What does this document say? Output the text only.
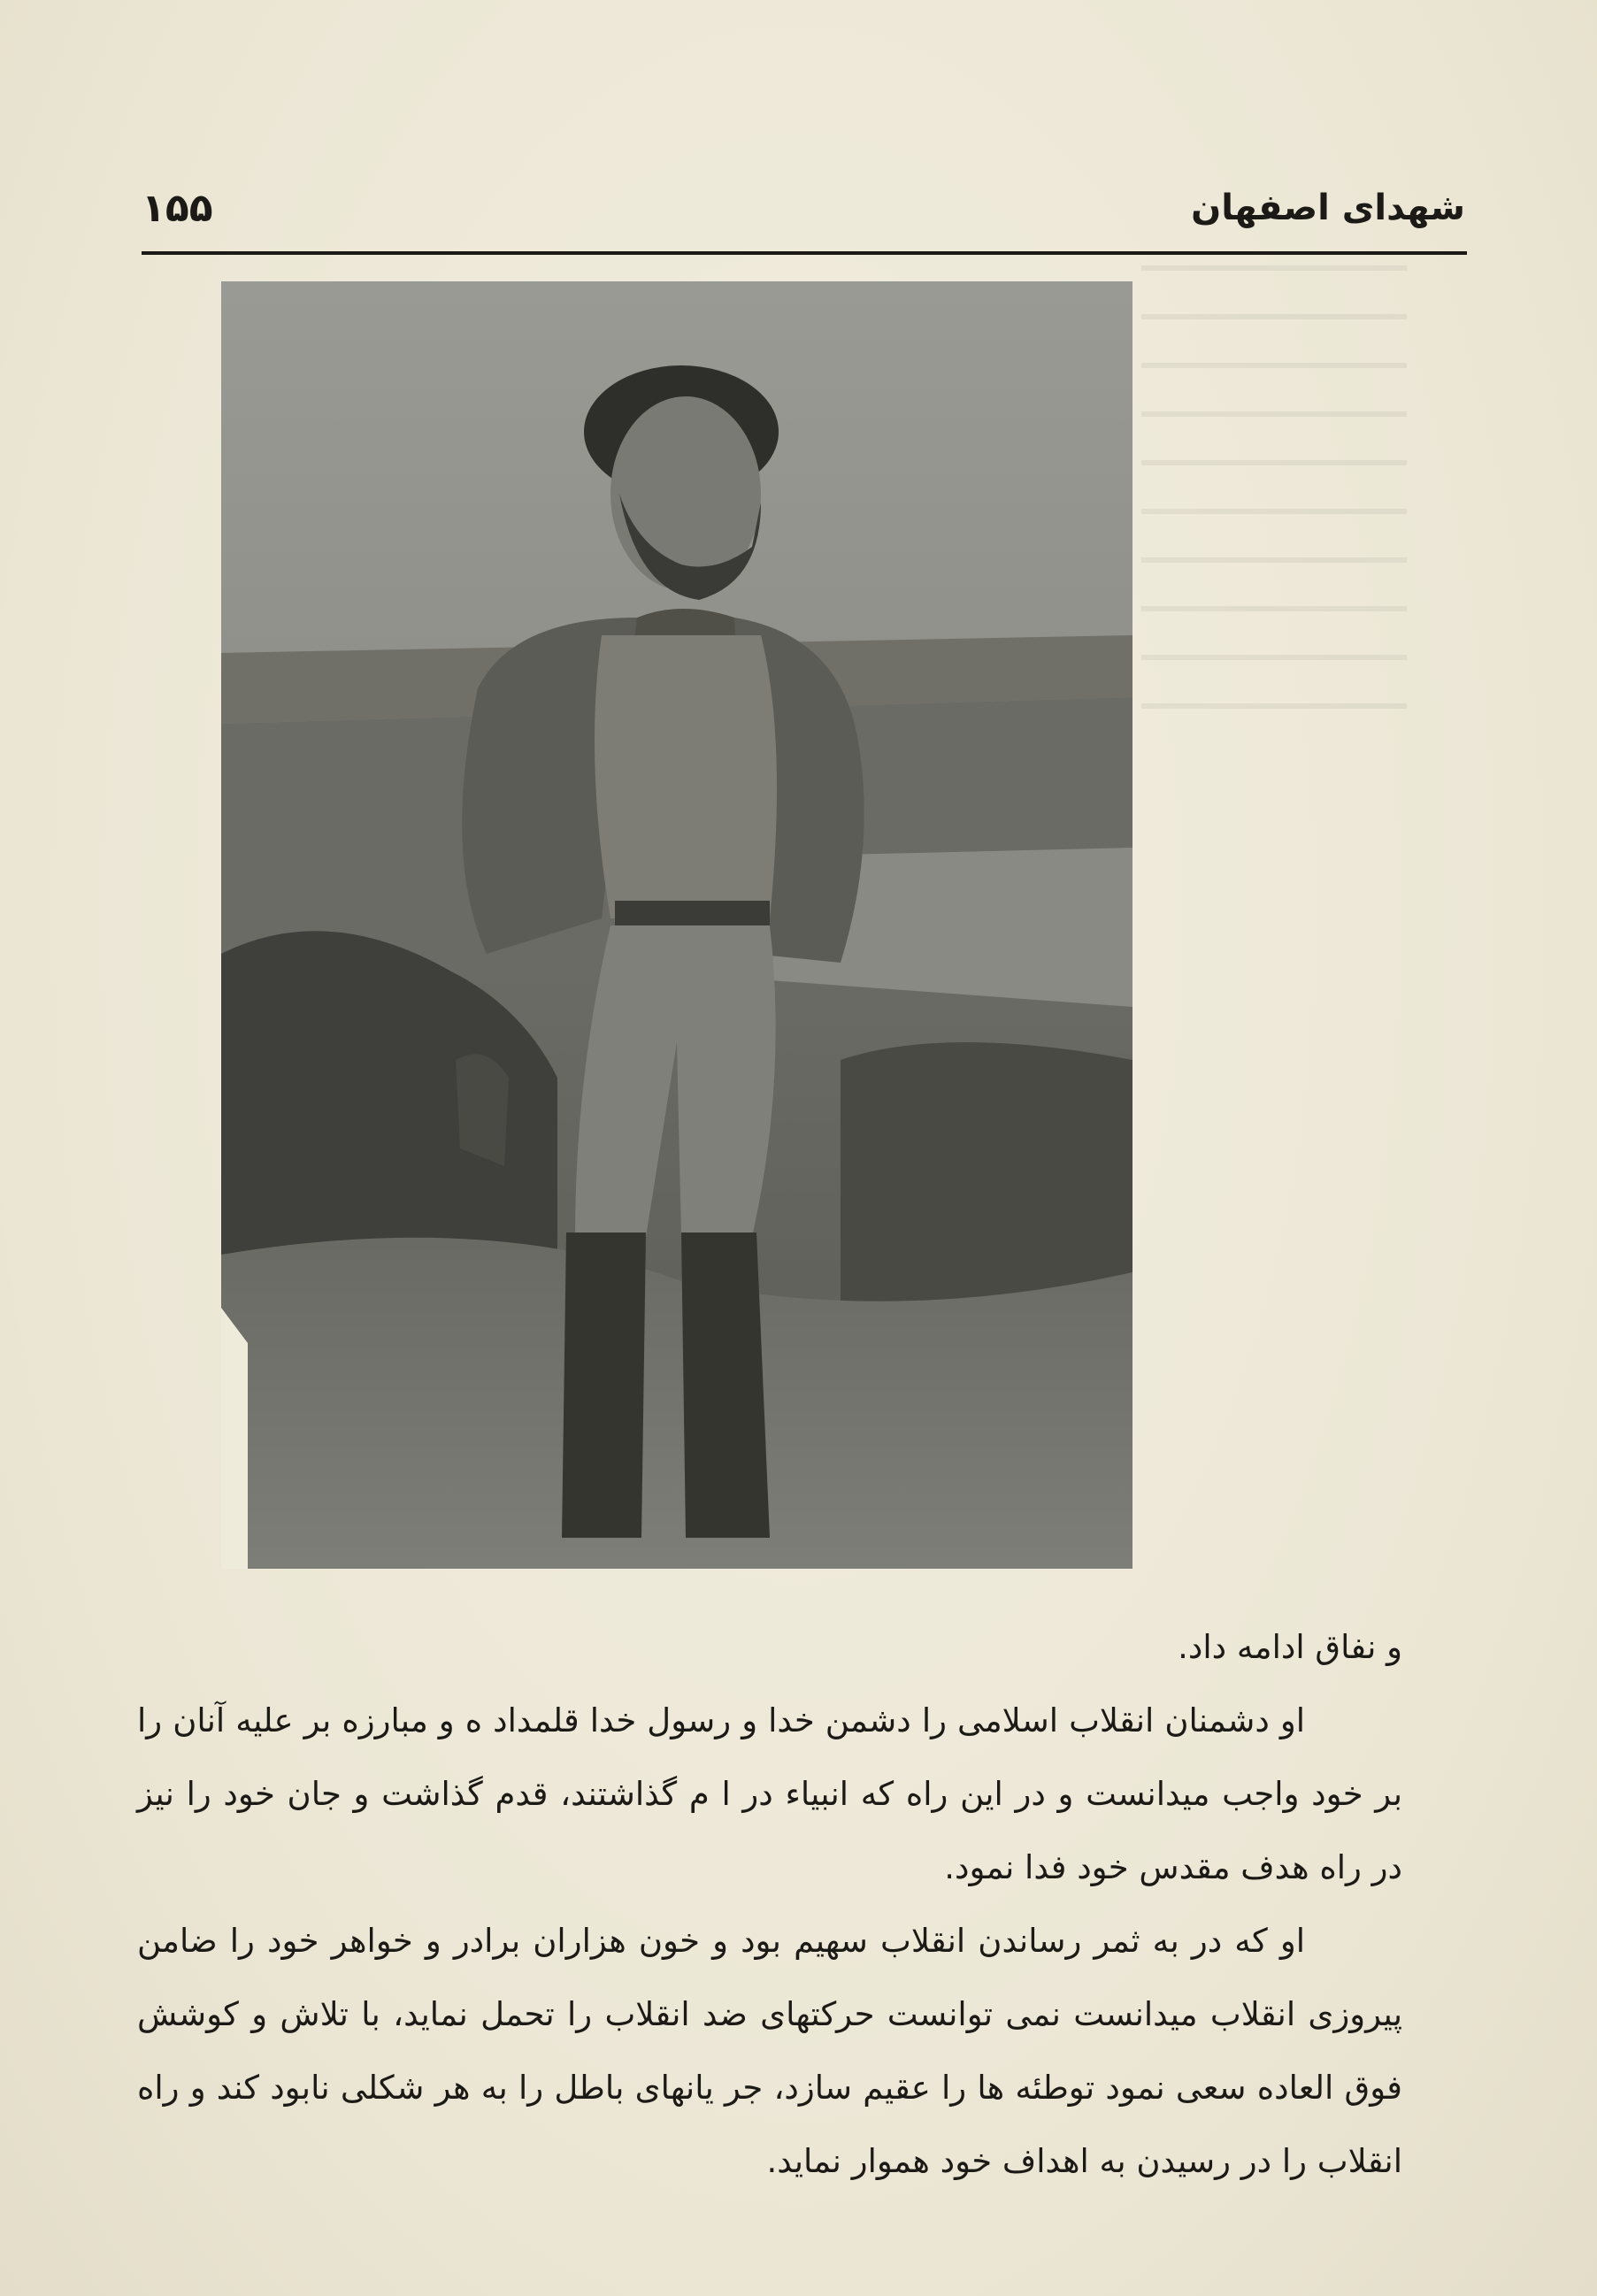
شهدای اصفهان
۱۵۵

و نفاق ادامه داد.

او دشمنان انقلاب اسلامی را دشمن خدا و رسول خدا قلمداد ه و مبارزه بر علیه آنان را بر خود واجب میدانست و در این راه که انبیاء در ا م گذاشتند، قدم گذاشت و جان خود را نیز در راه هدف مقدس خود فدا نمود.

او که در به ثمر رساندن انقلاب سهیم بود و خون هزاران برادر و خواهر خود را ضامن پیروزی انقلاب میدانست نمی توانست حرکتهای ضد انقلاب را تحمل نماید، با تلاش و کوشش فوق العاده سعی نمود توطئه ها را عقیم سازد، جر یانهای باطل را به هر شکلی نابود کند و راه انقلاب را در رسیدن به اهداف خود هموار نماید.
